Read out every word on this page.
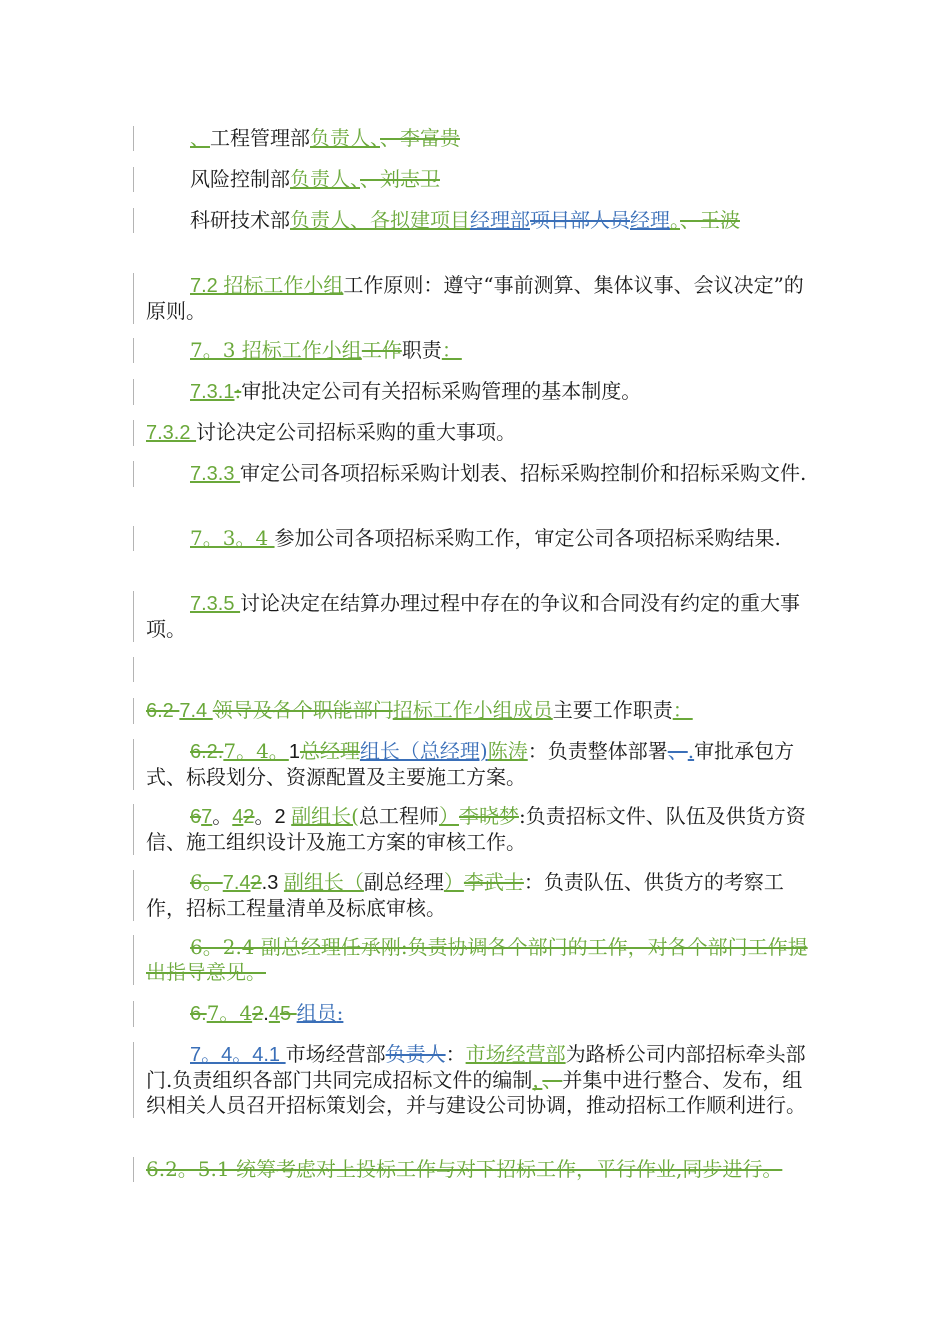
、工程管理部负责人、、李富贵
风险控制部负责人、、刘志卫
科研技术部负责人、各拟建项目经理部项目部人员经理。、王波
7.2 招标工作小组工作原则：遵守“事前测算、集体议事、会议决定”的原则。
7。3 招标工作小组工作职责：
7.3.1:审批决定公司有关招标采购管理的基本制度。
7.3.2 讨论决定公司招标采购的重大事项。
7.3.3 审定公司各项招标采购计划表、招标采购控制价和招标采购文件.
7。3。4 参加公司各项招标采购工作，审定公司各项招标采购结果.
7.3.5 讨论决定在结算办理过程中存在的争议和合同没有约定的重大事项。
6.2 7.4 领导及各个职能部门招标工作小组成员主要工作职责：
6.2.7。4。1总经理组长（总经理)陈涛：负责整体部署、.审批承包方式、标段划分、资源配置及主要施工方案。
67。42。2 副组长(总工程师）李晓梦:负责招标文件、队伍及供货方资信、施工组织设计及施工方案的审核工作。
6。7.42.3 副组长（副总经理）李武士：负责队伍、供货方的考察工作，招标工程量清单及标底审核。
6。2.4 副总经理任承刚:负责协调各个部门的工作，对各个部门工作提出指导意见。
6.7。42.45 组员:
7。4。4.1 市场经营部负责人：市场经营部为路桥公司内部招标牵头部门.负责组织各部门共同完成招标文件的编制，、并集中进行整合、发布，组织相关人员召开招标策划会，并与建设公司协调，推动招标工作顺利进行。
6.2。5.1 统筹考虑对上投标工作与对下招标工作，平行作业,同步进行。
